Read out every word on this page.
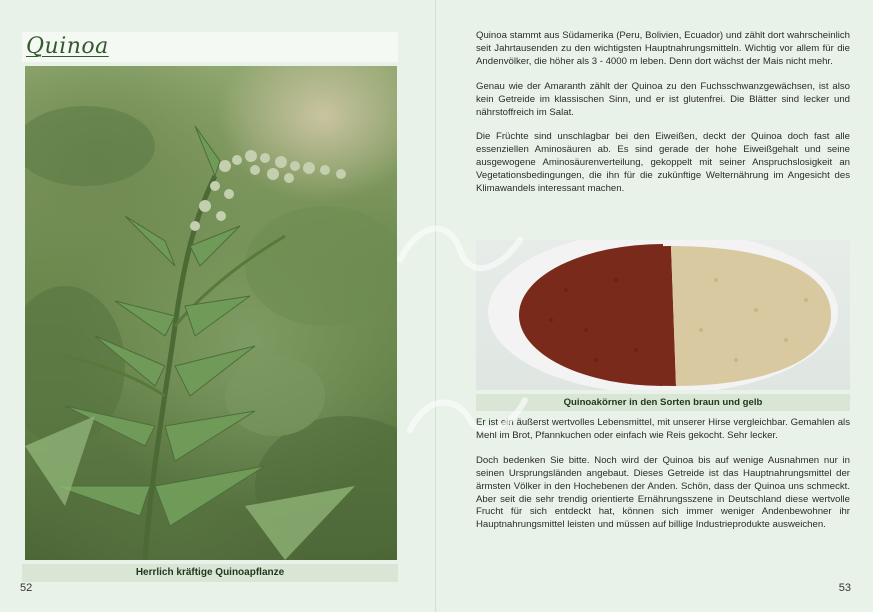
Quinoa
Herrlich kräftige Quinoapflanze
52	53

Quinoa stammt aus Südamerika (Peru, Bolivien, Ecuador) und zählt dort wahrscheinlich seit Jahrtausenden zu den wichtigsten Hauptnahrungsmitteln. Wichtig vor allem für die Andenvölker, die höher als 3 - 4000 m leben. Denn dort wächst der Mais nicht mehr.

Genau wie der Amaranth zählt der Quinoa zu den Fuchsschwanzgewächsen, ist also kein Getreide im klassischen Sinn, und er ist glutenfrei. Die Blätter sind lecker und nährstoffreich im Salat.

Die Früchte sind unschlagbar bei den Eiweißen, deckt der Quinoa doch fast alle essenziellen Aminosäuren ab. Es sind gerade der hohe Eiweißgehalt und seine ausgewogene Aminosäurenverteilung, gekoppelt mit seiner Anspruchslosigkeit an Vegetationsbedingungen, die ihn für die zukünftige Welternährung im Angesicht des Klimawandels interessant machen.

Quinoakörner in den Sorten braun und gelb

Er ist ein äußerst wertvolles Lebensmittel, mit unserer Hirse vergleichbar. Gemahlen als Mehl im Brot, Pfannkuchen oder einfach wie Reis gekocht. Sehr lecker.

Doch bedenken Sie bitte. Noch wird der Quinoa bis auf wenige Ausnahmen nur in seinen Ursprungsländen angebaut. Dieses Getreide ist das Hauptnahrungsmittel der ärmsten Völker in den Hochebenen der Anden. Schön, dass der Quinoa uns schmeckt. Aber seit die sehr trendig orientierte Ernährungsszene in Deutschland diese wertvolle Frucht für sich entdeckt hat, können sich immer weniger Andenbewohner ihr Hauptnahrungsmittel leisten und müssen auf billige Industrieprodukte ausweichen.
